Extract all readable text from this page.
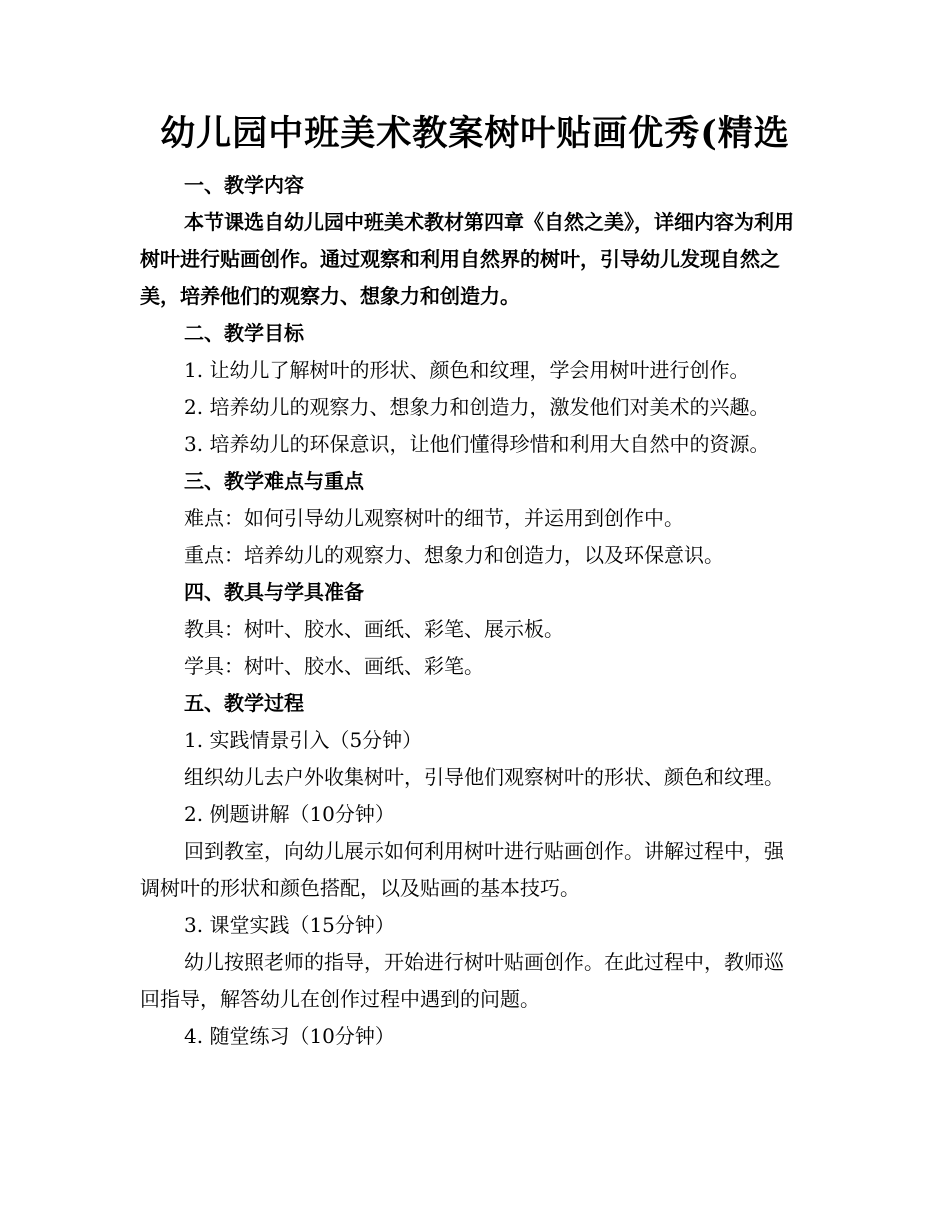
幼儿园中班美术教案树叶贴画优秀(精选

一、教学内容

本节课选自幼儿园中班美术教材第四章《自然之美》，详细内容为利用树叶进行贴画创作。通过观察和利用自然界的树叶，引导幼儿发现自然之美，培养他们的观察力、想象力和创造力。

二、教学目标

1. 让幼儿了解树叶的形状、颜色和纹理，学会用树叶进行创作。

2. 培养幼儿的观察力、想象力和创造力，激发他们对美术的兴趣。

3. 培养幼儿的环保意识，让他们懂得珍惜和利用大自然中的资源。

三、教学难点与重点

难点：如何引导幼儿观察树叶的细节，并运用到创作中。

重点：培养幼儿的观察力、想象力和创造力，以及环保意识。

四、教具与学具准备

教具：树叶、胶水、画纸、彩笔、展示板。

学具：树叶、胶水、画纸、彩笔。

五、教学过程

1. 实践情景引入（5分钟）

组织幼儿去户外收集树叶，引导他们观察树叶的形状、颜色和纹理。

2. 例题讲解（10分钟）

回到教室，向幼儿展示如何利用树叶进行贴画创作。讲解过程中，强调树叶的形状和颜色搭配，以及贴画的基本技巧。

3. 课堂实践（15分钟）

幼儿按照老师的指导，开始进行树叶贴画创作。在此过程中，教师巡回指导，解答幼儿在创作过程中遇到的问题。

4. 随堂练习（10分钟）
